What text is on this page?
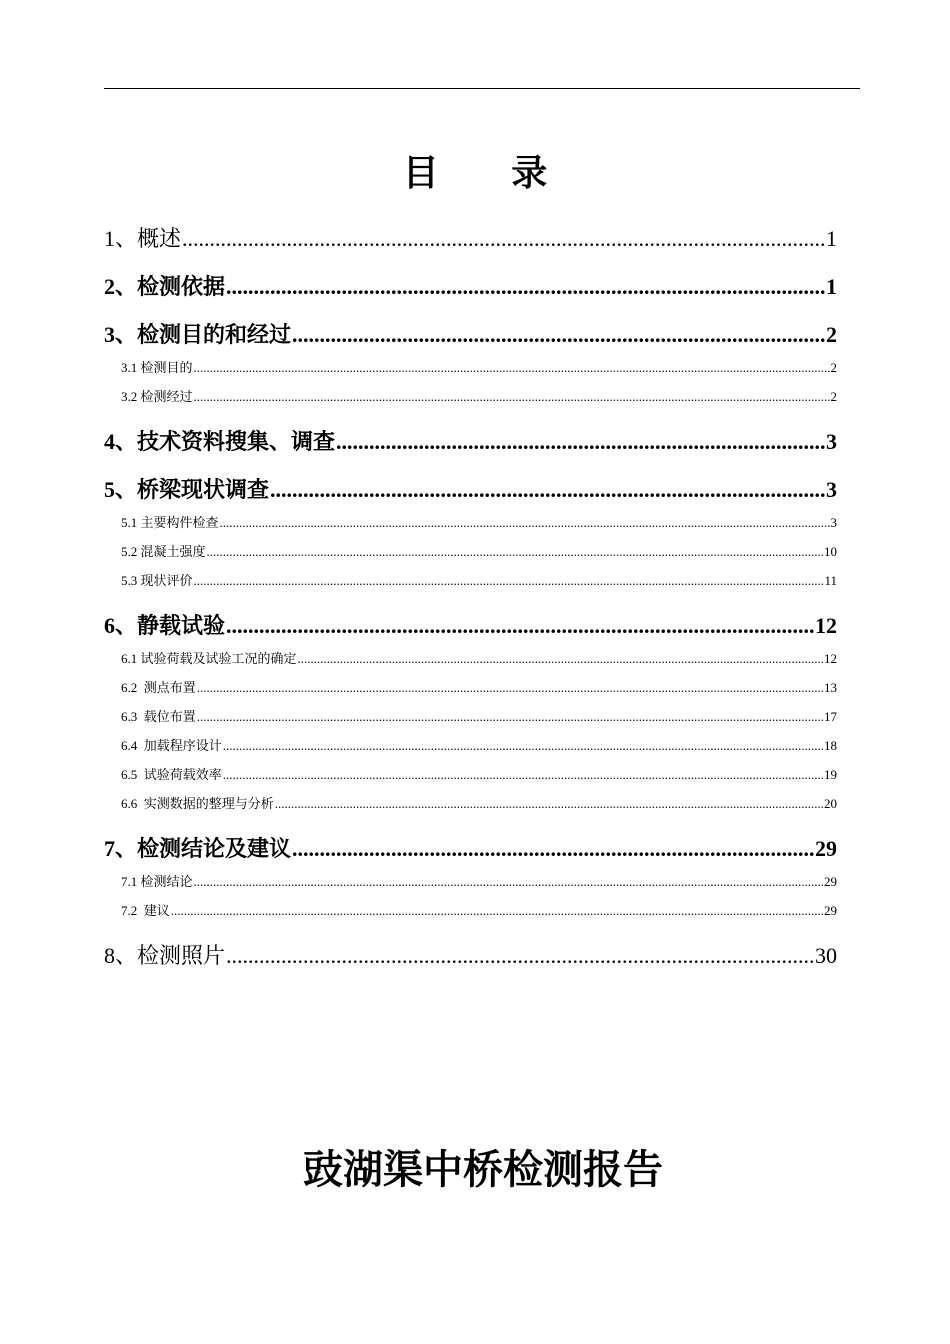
目 录
1、概述 .....	1
2、检测依据 .....	1
3、检测目的和经过 .....	2
3.1 检测目的 .....	2
3.2 检测经过 .....	2
4、技术资料搜集、调查 .....	3
5、桥梁现状调查 .....	3
5.1 主要构件检查 .....	3
5.2 混凝土强度 .....	10
5.3 现状评价 .....	11
6、静载试验 .....	12
6.1 试验荷载及试验工况的确定 .....	12
6.2  测点布置 .....	13
6.3  载位布置 .....	17
6.4  加载程序设计 .....	18
6.5  试验荷载效率 .....	19
6.6  实测数据的整理与分析 .....	20
7、检测结论及建议 .....	29
7.1 检测结论 .....	29
7.2  建议 .....	29
8、检测照片 .....	30
豉湖渠中桥检测报告
